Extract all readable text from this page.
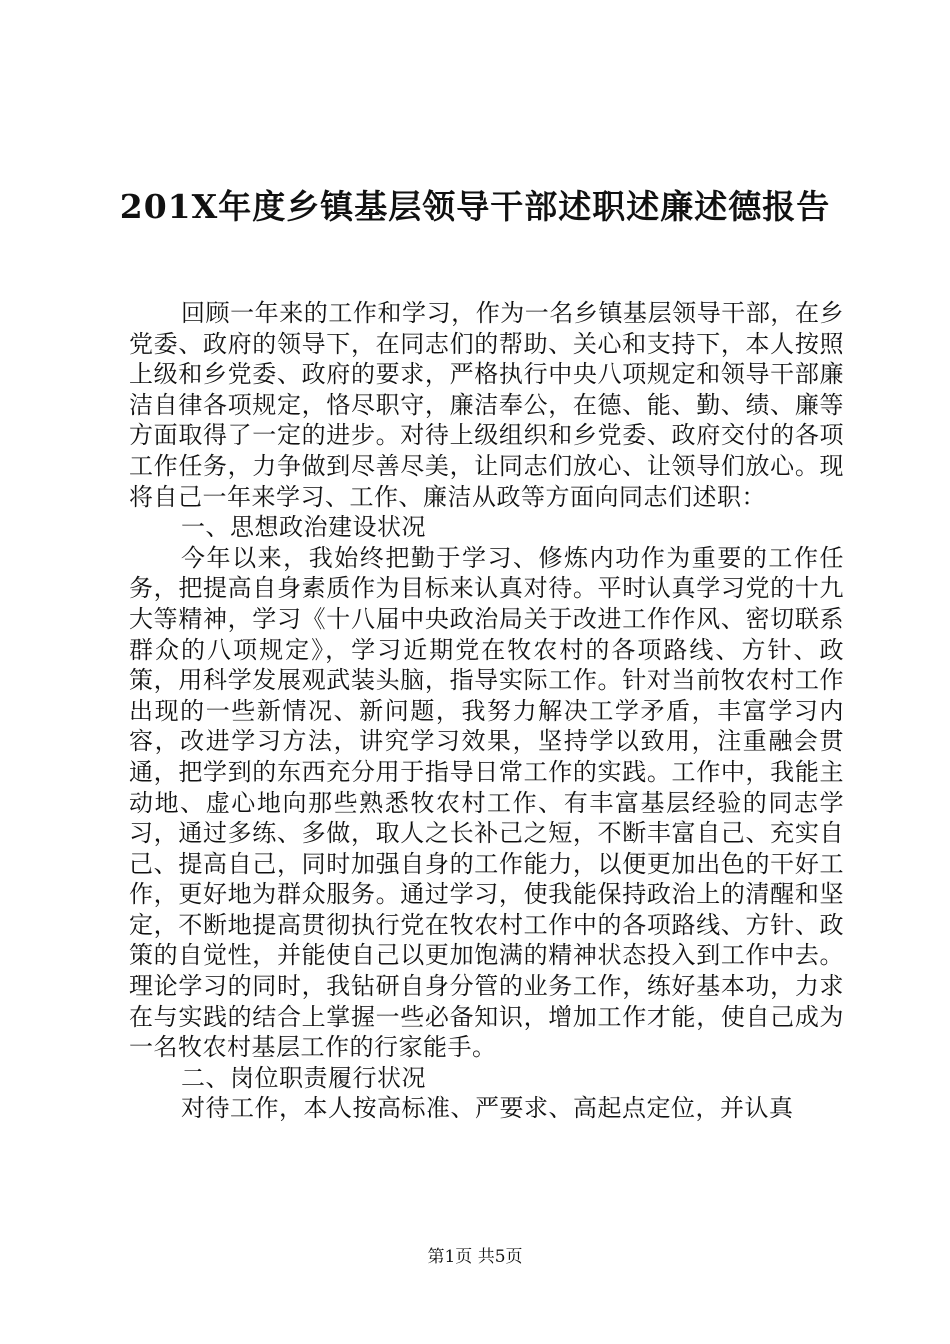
201X年度乡镇基层领导干部述职述廉述德报告

回顾一年来的工作和学习，作为一名乡镇基层领导干部，在乡党委、政府的领导下，在同志们的帮助、关心和支持下，本人按照上级和乡党委、政府的要求，严格执行中央八项规定和领导干部廉洁自律各项规定，恪尽职守，廉洁奉公，在德、能、勤、绩、廉等方面取得了一定的进步。对待上级组织和乡党委、政府交付的各项工作任务，力争做到尽善尽美，让同志们放心、让领导们放心。现将自己一年来学习、工作、廉洁从政等方面向同志们述职：

一、思想政治建设状况

今年以来，我始终把勤于学习、修炼内功作为重要的工作任务，把提高自身素质作为目标来认真对待。平时认真学习党的十九大等精神，学习《十八届中央政治局关于改进工作作风、密切联系群众的八项规定》，学习近期党在牧农村的各项路线、方针、政策，用科学发展观武装头脑，指导实际工作。针对当前牧农村工作出现的一些新情况、新问题，我努力解决工学矛盾，丰富学习内容，改进学习方法，讲究学习效果，坚持学以致用，注重融会贯通，把学到的东西充分用于指导日常工作的实践。工作中，我能主动地、虚心地向那些熟悉牧农村工作、有丰富基层经验的同志学习，通过多练、多做，取人之长补己之短，不断丰富自己、充实自己、提高自己，同时加强自身的工作能力，以便更加出色的干好工作，更好地为群众服务。通过学习，使我能保持政治上的清醒和坚定，不断地提高贯彻执行党在牧农村工作中的各项路线、方针、政策的自觉性，并能使自己以更加饱满的精神状态投入到工作中去。理论学习的同时，我钻研自身分管的业务工作，练好基本功，力求在与实践的结合上掌握一些必备知识，增加工作才能，使自己成为一名牧农村基层工作的行家能手。

二、岗位职责履行状况

对待工作，本人按高标准、严要求、高起点定位，并认真

第1页 共5页
